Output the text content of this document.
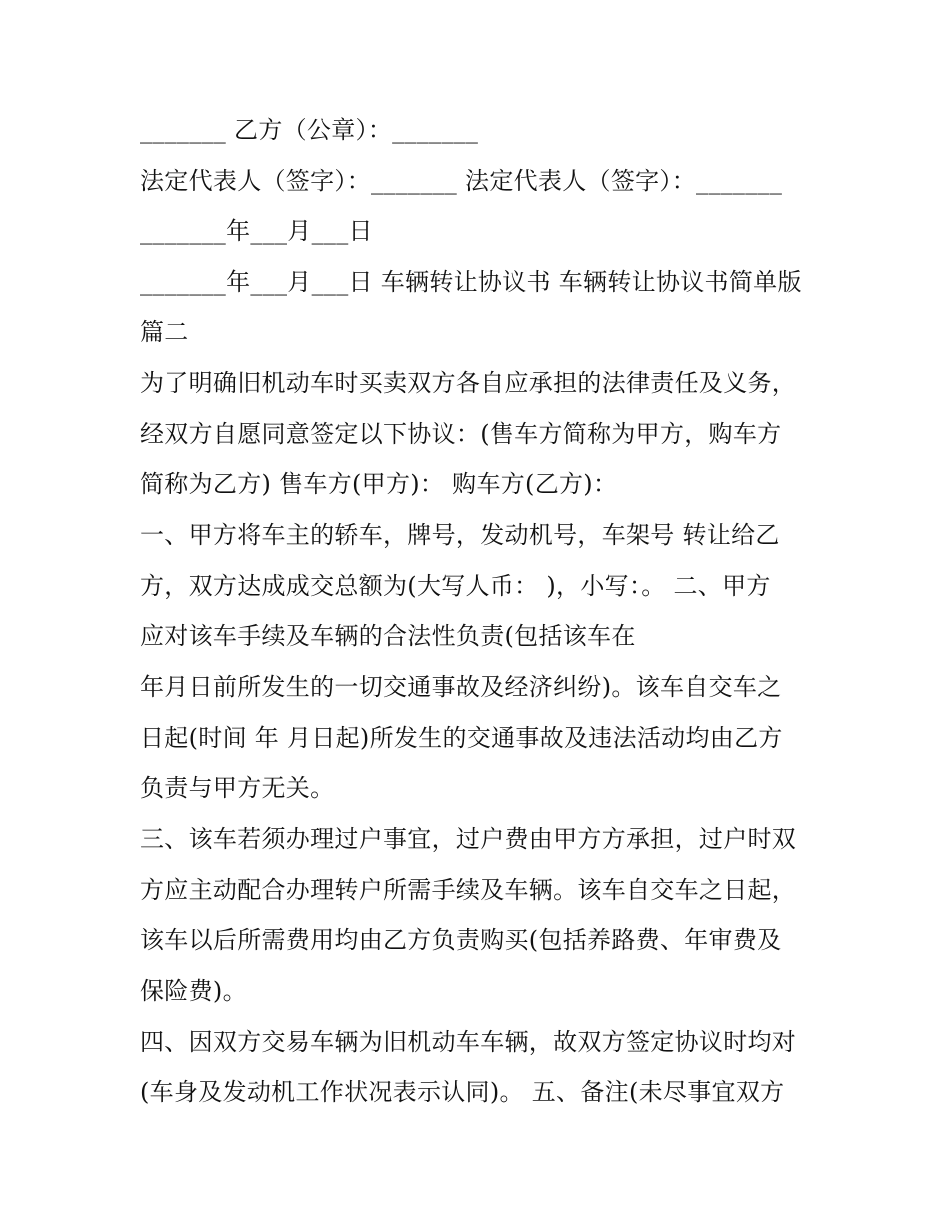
_______ 乙方（公章）：_______
法定代表人（签字）：_______ 法定代表人（签字）：_______
_______年___月___日
_______年___月___日 车辆转让协议书 车辆转让协议书简单版
篇二
为了明确旧机动车时买卖双方各自应承担的法律责任及义务，
经双方自愿同意签定以下协议：(售车方简称为甲方，购车方
简称为乙方) 售车方(甲方)： 购车方(乙方)：
一、甲方将车主的轿车，牌号，发动机号，车架号 转让给乙
方，双方达成成交总额为(大写人币： )，小写：。 二、甲方
应对该车手续及车辆的合法性负责(包括该车在
年月日前所发生的一切交通事故及经济纠纷)。该车自交车之
日起(时间 年 月日起)所发生的交通事故及违法活动均由乙方
负责与甲方无关。
三、该车若须办理过户事宜，过户费由甲方方承担，过户时双
方应主动配合办理转户所需手续及车辆。该车自交车之日起，
该车以后所需费用均由乙方负责购买(包括养路费、年审费及
保险费)。
四、因双方交易车辆为旧机动车车辆，故双方签定协议时均对
(车身及发动机工作状况表示认同)。 五、备注(未尽事宜双方
